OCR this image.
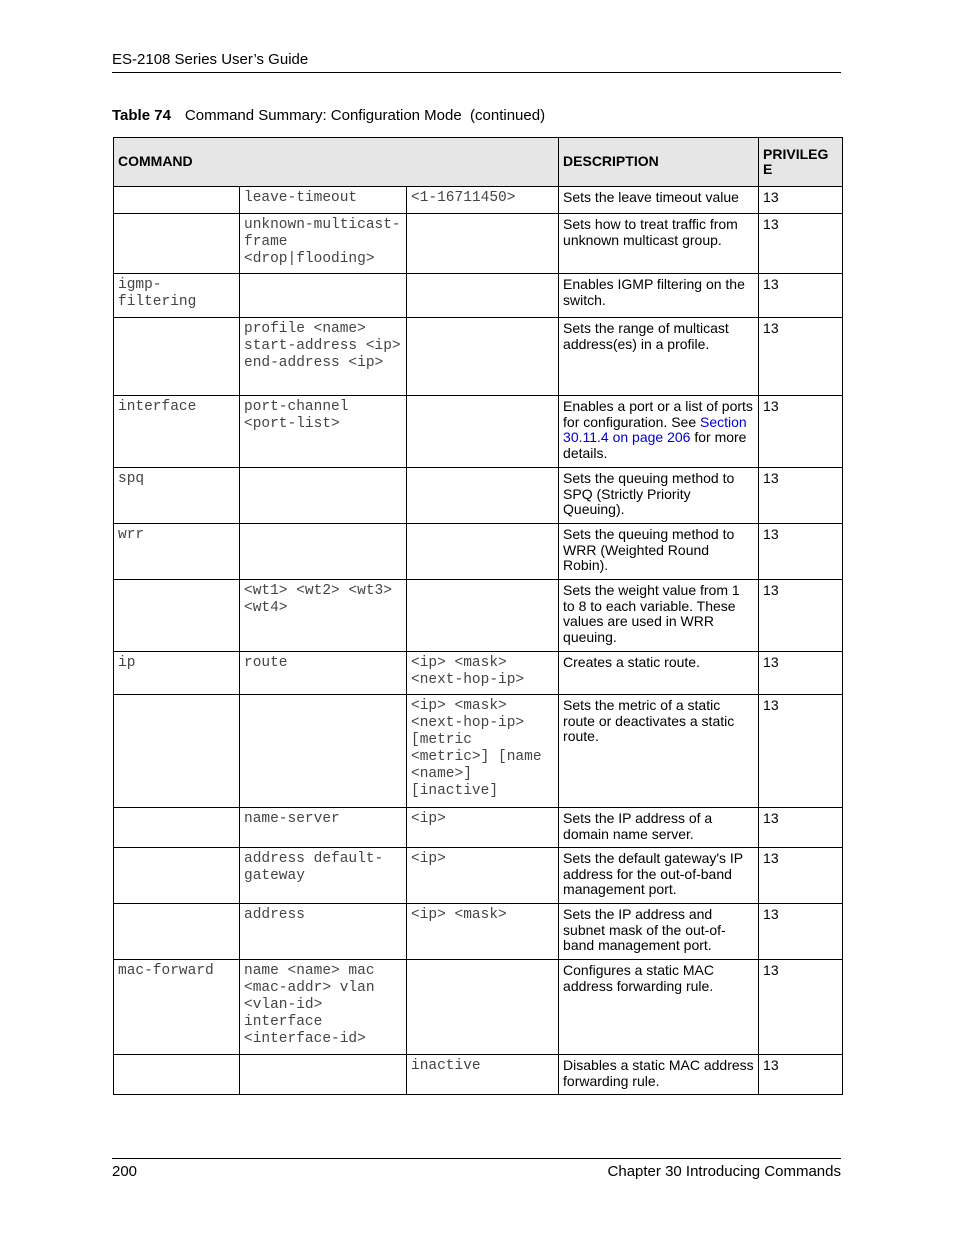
ES-2108 Series User’s Guide
Table 74 Command Summary: Configuration Mode  (continued)
COMMAND			DESCRIPTION	PRIVILEG
E
	leave-timeout	<1-16711450>	Sets the leave timeout value	13
	unknown-multicast-frame <drop|flooding>		Sets how to treat traffic from unknown multicast group.	13
igmp-filtering			Enables IGMP filtering on the switch.	13
	profile <name> start-address <ip> end-address <ip>		Sets the range of multicast address(es) in a profile.	13
interface	port-channel <port-list>		Enables a port or a list of ports for configuration. See Section 30.11.4 on page 206 for more details.	13
spq			Sets the queuing method to SPQ (Strictly Priority Queuing).	13
wrr			Sets the queuing method to WRR (Weighted Round Robin).	13
	<wt1> <wt2> <wt3> <wt4>		Sets the weight value from 1 to 8 to each variable. These values are used in WRR queuing.	13
ip	route	<ip> <mask> <next-hop-ip>	Creates a static route.	13
		<ip> <mask> <next-hop-ip> [metric <metric>] [name <name>] [inactive]	Sets the metric of a static route or deactivates a static route.	13
	name-server	<ip>	Sets the IP address of a domain name server.	13
	address default-gateway	<ip>	Sets the default gateway's IP address for the out-of-band management port.	13
	address	<ip> <mask>	Sets the IP address and subnet mask of the out-of-band management port.	13
mac-forward	name <name> mac <mac-addr> vlan <vlan-id> interface <interface-id>		Configures a static MAC address forwarding rule.	13
		inactive	Disables a static MAC address forwarding rule.	13
200	Chapter 30 Introducing Commands
